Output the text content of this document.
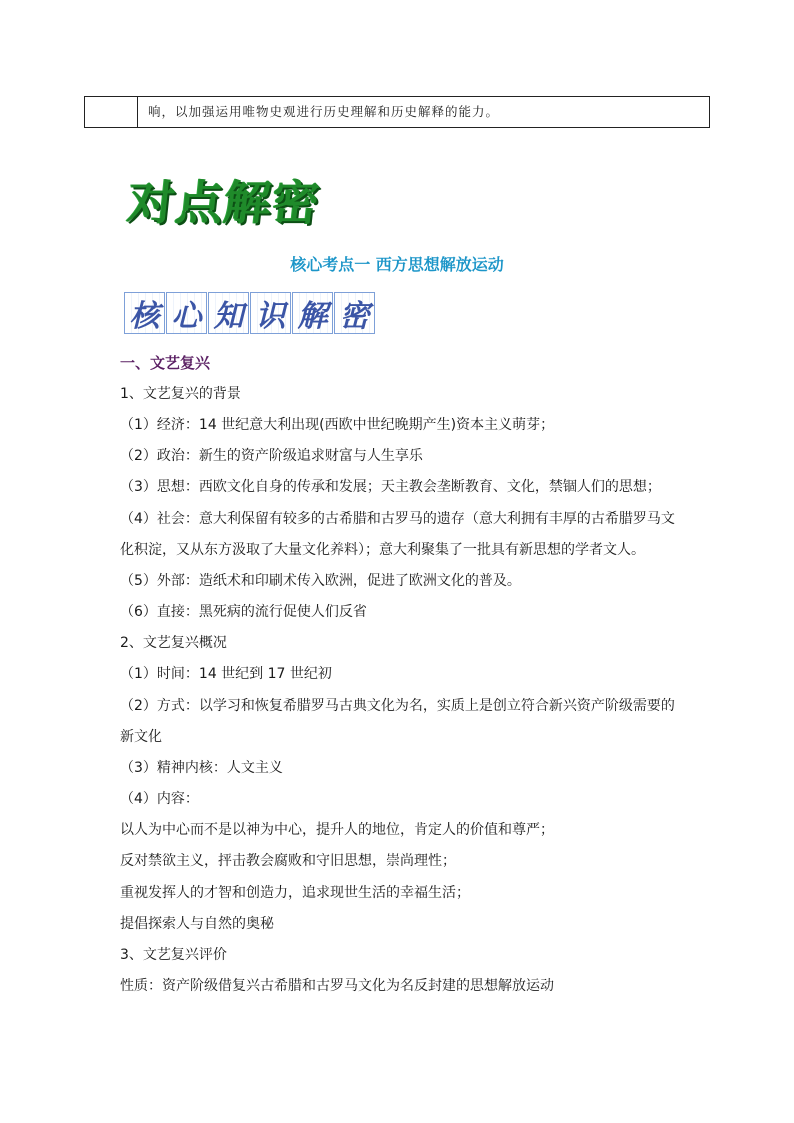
响，以加强运用唯物史观进行历史理解和历史解释的能力。
对点解密
核心考点一 西方思想解放运动
核 心 知 识 解 密
一、文艺复兴
1、文艺复兴的背景
（1）经济：14 世纪意大利出现(西欧中世纪晚期产生)资本主义萌芽；
（2）政治：新生的资产阶级追求财富与人生享乐
（3）思想：西欧文化自身的传承和发展；天主教会垄断教育、文化，禁锢人们的思想；
（4）社会：意大利保留有较多的古希腊和古罗马的遗存（意大利拥有丰厚的古希腊罗马文
化积淀，又从东方汲取了大量文化养料）；意大利聚集了一批具有新思想的学者文人。
（5）外部：造纸术和印刷术传入欧洲，促进了欧洲文化的普及。
（6）直接：黑死病的流行促使人们反省
2、文艺复兴概况
（1）时间：14 世纪到 17 世纪初
（2）方式：以学习和恢复希腊罗马古典文化为名，实质上是创立符合新兴资产阶级需要的
新文化
（3）精神内核：人文主义
（4）内容：
以人为中心而不是以神为中心，提升人的地位，肯定人的价值和尊严；
反对禁欲主义，抨击教会腐败和守旧思想，崇尚理性；
重视发挥人的才智和创造力，追求现世生活的幸福生活；
提倡探索人与自然的奥秘
3、文艺复兴评价
性质：资产阶级借复兴古希腊和古罗马文化为名反封建的思想解放运动
